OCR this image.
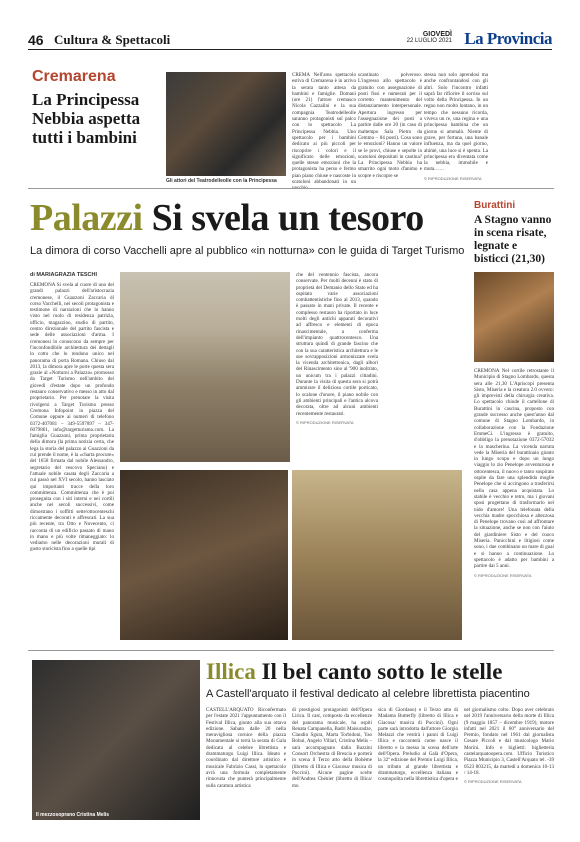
46 Cultura & Spettacoli	GIOVEDÌ
22 LUGLIO 2021 La Provincia
Cremarena
La Principessa Nebbia aspetta tutti i bambini
Gli attori del Teatrodelleolle con la Principessa
CREMA Nell'area spettacolo estiva di Cremarena è in arrivo la serata tanto attesa da bambini e famiglie. Domani (ore 21) l'attore cremasco Nicola Cazzalini e la sua compagnia Teatrodelleolle saranno protagonisti sul palco con lo spettacolo La Principessa Nebbia. Uno spettacolo per i bambini dedicato ai più piccoli per riscoprire i colori e il significato delle emozioni, quelle stesse emozioni che la protagonista ha perso e fermo pian piano chiuse e nascoste in scatoloni abbandonati in un
scantinato polveroso. L'ingresso allo spettacolo è gratuito con assegnazione di posti fissi e numerati per il corretto mantenimento del distanziamento interpersonale. Apertura ingresso per l'assegnazione dei posti a partire dalle ore 20 (in caso di maltempo Sala Pietro da Cemmo – 84 posti). Cosa sono le emozioni? Hanno un valore se le provi, chiuse e sepolte in scatoloni depositati in cantina? La Principessa Nebbia ha smarrito ogni moto d'animo e scopre e riscopre se
stessa non solo aprendosi ma anche confrontandosi con gli altri. Solo l'incontro infatti saprà far rifiorire il sorriso sul volto della Principessa. In un regno non molto lontano, in un tempo che nessuno ricorda, viveva un re, una regina e una principessa bambina che un giorno si ammalò. Niente di grave, per fortuna, una banale influenza, ma da quel giorno, ahimè, una luce si è spenta. La principessa era diventata come la nebbia, immobile e muta……
© RIPRODUZIONE RISERVATA
Palazzi Si svela un tesoro
La dimora di corso Vacchelli apre al pubblico «in notturna» con le guida di Target Turismo
di MARIAGRAZIA TESCHI
CREMONA Si svela al cuore di uno dei grandi palazzi dell'aristocrazia cremonese, il Guazzoni Zaccaria di corso Vacchelli, nei secoli protagonista e testimone di narrazioni che lo hanno visto nel ruolo di residenza patrizia, ufficio, magazzino, studio di partito, centro direzionale del partito fascista e sede delle associazioni d'arma. I cremonesi lo conoscono da sempre per l'inconfondibile architettura dei dettagli in cotto che lo rendono unico nel panorama di porta Romana. Chiuso dal 2013, la dimora apre le porte questa sera grazie al «Notturni a Palazzo» promosso da Target Turismo nell'ambito dei giovedì d'estate dopo un profondo restauro conservativo e messo in atto dal proprietario. Per prenotare la visita rivolgersi a Target Turismo presso Cremona Infopoint in piazza del Comune oppure ai numeri di telefono 0372-407081 – 349-5597897 – 347-6079861, info@targetturismo.com. La famiglia Guazzoni, prima proprietaria della dimora (la prima notizia certa, che lega la storia del palazzo ai Guazzoni da cui prende il nome, è la «charta procure» del 1658 firmata dal nobile Alessandro, segretario del vescovo Speciano) e l'attuale nobile casata degli Zaccaria a cui passò nel XVI secolo, hanno lasciato qui importanti tracce della loro committenza. Committenza che è poi proseguita con i siti interni e nei cortili anche nei secoli successivi, come dimostrano i soffitti sette/ottocenteschi riccamente decorati e affrescati. La sua più recente, tra Otto e Novecento, ci racconta di un edificio passato di mano in mano e più volte rimaneggiato: lo vediamo nelle decorazioni murali di gusto storicista fino a quelle tipi
che del ventennio fascista, ancora conservate. Per molti decenni è stato di proprietà del Demanio dello Stato ed ha ospitato varie associazioni combattentistiche fino al 2013, quando è passato in mani private. Il recente e complesso restauro ha riportato in luce molti degli antichi apparati decorativi ad affresco e elementi di epoca rinascimentale, a conferma dell'impianto quattrocentesco. Una struttura quindi di grande fascino che con la sua caratteristica architettura e le sue sovrapposizioni armonizzate svela la vicenda architettonica, dagli albori del Rinascimento sino al '900 inoltrato, un unicum tra i palazzi cittadini. Durante la visita di questa sera si potrà ammirare il delizioso cortile porticato, lo scalone d'onore, il piano nobile con gli ambienti principali e l'antica alcova decorata, oltre ad alcuni ambienti recentemente restaurati.
© RIPRODUZIONE RISERVATA
Burattini
A Stagno vanno in scena risate, legnate e bisticci (21,30)
CREMONA Nel cortile retrostante il Municipio di Stagno Lombardo, questa sera alle 21,30 L'Apriscopi presenta Sisto, Miseria e la creatura 2.0 ovvero: gli imprevisti della chirurgia creativa. Lo spettacolo chiude il cartellone di Burattini in cascina, proposto con grande successo anche quest'anno dal comune di Stagno Lombardo, in collaborazione con la Fondazione EmmeCi. L'ingresso è gratuito, d'obbligo la prenotazione 0372-57032 e la mascherina. La vicenda narrata vede la Miseria del burattinaio giunto in lungo scopo e dopo un lungo viaggio lo zio Penelope avventurosa e ottocentesca, il nuovo e tanto sospirato ospite da fare una splendida moglie Penelope che si accingono a trasferirsi nella casa appena acquistata. Lo stabile è vecchio e tetro, ma i giovani sposi progettano di trasformarlo nel nido d'amore! Una telefonata della vecchia madre spocchiosa e altezzosa di Penelope trovano cosi ad affrontare la situazione, anche se non con l'aiuto del giardiniere Sisto e del cuoco Miseria. Panicchini e litigiosi come sono, i due combinano un mare di guai e si hanno a continuazione. Lo spettacolo è adatto per bambini a partire dai 5 anni.
© RIPRODUZIONE RISERVATA
Il mezzosoprano Cristina Melis
Illica Il bel canto sotto le stelle
A Castell'arquato il festival dedicato al celebre librettista piacentino
CASTELL'ARQUATO Riconfermato per l'estate 2021 l'appuntamento con il Festival Illica, giunto alla sua ottava edizione. Sabato dalle 20 nella meravigliosa cornice della piazza Monumentale si terrà la serata di Gala dedicata al celebre librettista e drammaturgo Luigi Illica. Ideato e coordinato dal direttore artistico e musicale Fabrizio Cassi, lo spettacolo avrà una formula completamente rinnovata che punterà principalmente sulla caratura artistica
di prestigiosi protagonisti dell'Opera Lirica. Il cast, composto da eccellenze del panorama musicale, ha ospiti Renata Campanella, Badri Maisuradze, Claudio Sgura, Marta Torbidoni, Yao Bohui, Angelo Villari, Cristina Melis – sarà accompagnato dalla Bazzini Consort Orchestra di Brescia e porterà in scena il Terzo atto della Bohème (libretto di Illica e Giacosa/ musica di Puccini). Alcune pagine scelte dell'Andrea Chénier (libretto di Illica/ mu
sica di Giordano) e il Terzo atto di Madama Butterfly (libretto di Illica e Giacosa/ musica di Puccini). Ogni parte sarà introdotta dall'attore Giorgio Melazzi che vestirà i panni di Luigi Illica e racconterà come nasce il libretto e la messa in scena dell'arte dell'Opera. Preludio al Galà d'Opera, la 32ª edizione del Premio Luigi Illica, un tributo al grande librettista e drammaturgo, eccellenza italiana e cosmopolita nella librettistica d'opera e
nel giornalismo colto. Dopo aver celebrato nel 2019 l'anniversario della morte di Illica (9 maggio 1857 – dicembre 1919), motore infatti nel 2021 il 60° anniversario del Premio, fondato nel 1961 dal giornalista Cesare Piccoli e dal musicologo Mario Morini. Info e biglietti: biglietteria castelarquatoopera.com. Ufficio Turistico Piazza Municipio 3, Castell'Arquato tel. -39 0523 803215, da martedì a domenica 10-13 / 14-18.
© RIPRODUZIONE RISERVATA
